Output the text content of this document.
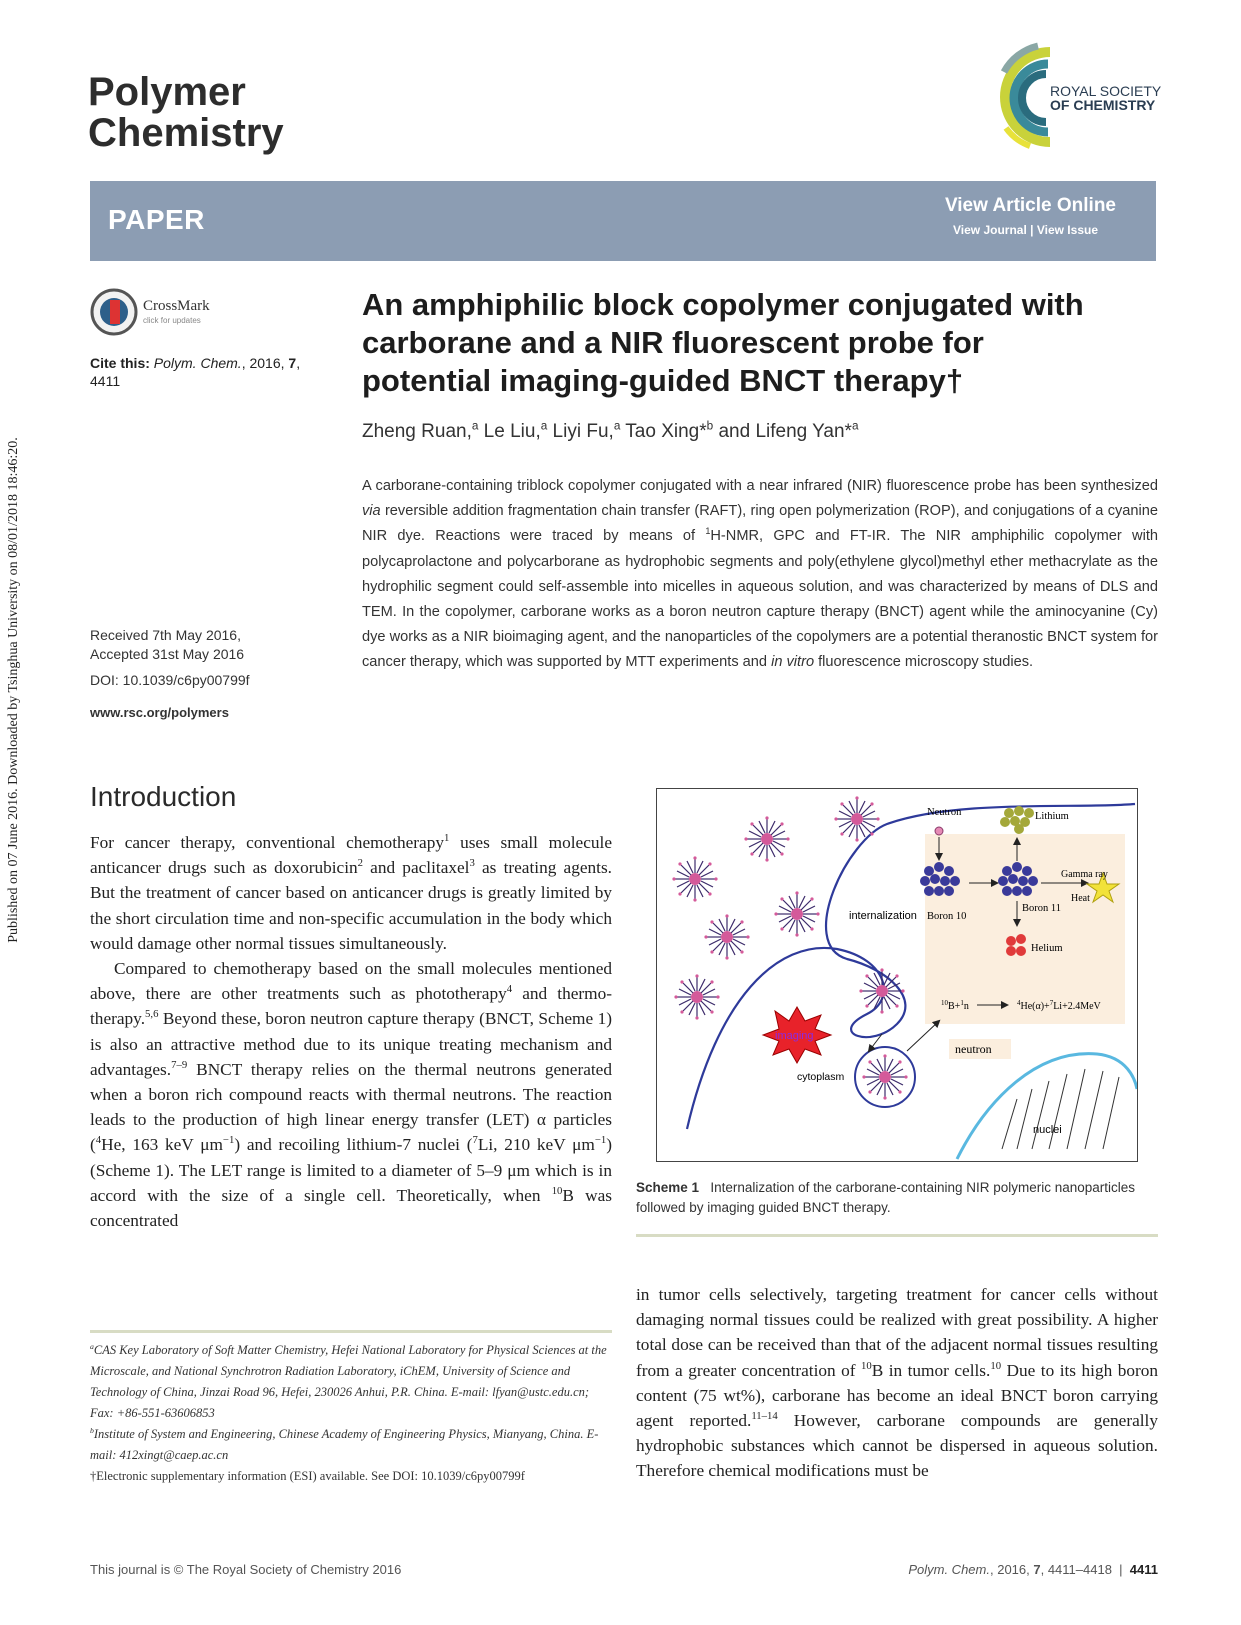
Published on 07 June 2016. Downloaded by Tsinghua University on 08/01/2018 18:46:20.
Polymer
Chemistry
ROYAL SOCIETY
OF CHEMISTRY
PAPER	View Article Online
View Journal | View Issue
CrossMark
click for updates
Cite this: Polym. Chem., 2016, 7,
4411
Received 7th May 2016,
Accepted 31st May 2016
DOI: 10.1039/c6py00799f
www.rsc.org/polymers
An amphiphilic block copolymer conjugated with
carborane and a NIR fluorescent probe for
potential imaging-guided BNCT therapy†
Zheng Ruan,$^a$ Le Liu,$^a$ Liyi Fu,$^a$ Tao Xing*$^b$ and Lifeng Yan*$^a$
A carborane-containing triblock copolymer conjugated with a near infrared (NIR) fluorescence probe has been synthesized via reversible addition fragmentation chain transfer (RAFT), ring open polymerization (ROP), and conjugations of a cyanine NIR dye. Reactions were traced by means of $^1$H-NMR, GPC and FT-IR. The NIR amphiphilic copolymer with polycaprolactone and polycarborane as hydrophobic segments and poly(ethylene glycol)methyl ether methacrylate as the hydrophilic segment could self-assemble into micelles in aqueous solution, and was characterized by means of DLS and TEM. In the copolymer, carborane works as a boron neutron capture therapy (BNCT) agent while the aminocyanine (Cy) dye works as a NIR bioimaging agent, and the nanoparticles of the copolymers are a potential theranostic BNCT system for cancer therapy, which was supported by MTT experiments and in vitro fluorescence microscopy studies.
Introduction

For cancer therapy, conventional chemotherapy$^1$ uses small molecule anticancer drugs such as doxorubicin$^2$ and paclitaxel$^3$ as treating agents. But the treatment of cancer based on anticancer drugs is greatly limited by the short circulation time and non-specific accumulation in the body which would damage other normal tissues simultaneously.

Compared to chemotherapy based on the small molecules mentioned above, there are other treatments such as phototherapy$^4$ and thermo-therapy.$^{5,6}$ Beyond these, boron neutron capture therapy (BNCT, Scheme 1) is also an attractive method due to its unique treating mechanism and advantages.$^{7-9}$ BNCT therapy relies on the thermal neutrons generated when a boron rich compound reacts with thermal neutrons. The reaction leads to the production of high linear energy transfer (LET) α particles ($^4$He, 163 keV $\mu m^{-1}$) and recoiling lithium-7 nuclei ($^7$Li, 210 keV $\mu m^{-1}$) (Scheme 1). The LET range is limited to a diameter of 5–9 μm which is in accord with the size of a single cell. Theoretically, when $^{10}$B was concentrated

in tumor cells selectively, targeting treatment for cancer cells without damaging normal tissues could be realized with great possibility. A higher total dose can be received than that of the adjacent normal tissues resulting from a greater concentration of $^{10}$B in tumor cells.$^{10}$ Due to its high boron content (75 wt%), carborane has become an ideal BNCT boron carrying agent reported.$^{11-14}$ However, carborane compounds are generally hydrophobic substances which cannot be dispersed in aqueous solution. Therefore chemical modifications must be
$^a$CAS Key Laboratory of Soft Matter Chemistry, Hefei National Laboratory for Physical Sciences at the Microscale, and National Synchrotron Radiation Laboratory, iChEM, University of Science and Technology of China, Jinzai Road 96, Hefei, 230026 Anhui, P.R. China. E-mail: lfyan@ustc.edu.cn; Fax: +86-551-63606853
$^b$Institute of System and Engineering, Chinese Academy of Engineering Physics, Mianyang, China. E-mail: 412xingt@caep.ac.cn
†Electronic supplementary information (ESI) available. See DOI: 10.1039/c6py00799f
Neutron	Lithium
Gamma ray
Heat
Boron 10
Boron 11
Helium
internalization
$^{10}$B+$^1$n	$^4$He(α)+$^7$Li+2.4MeV
imaging
cytoplasm
neutron
nuclei
Scheme 1 Internalization of the carborane-containing NIR polymeric nanoparticles followed by imaging guided BNCT therapy.
This journal is © The Royal Society of Chemistry 2016	Polym. Chem., 2016, 7, 4411–4418 | 4411
